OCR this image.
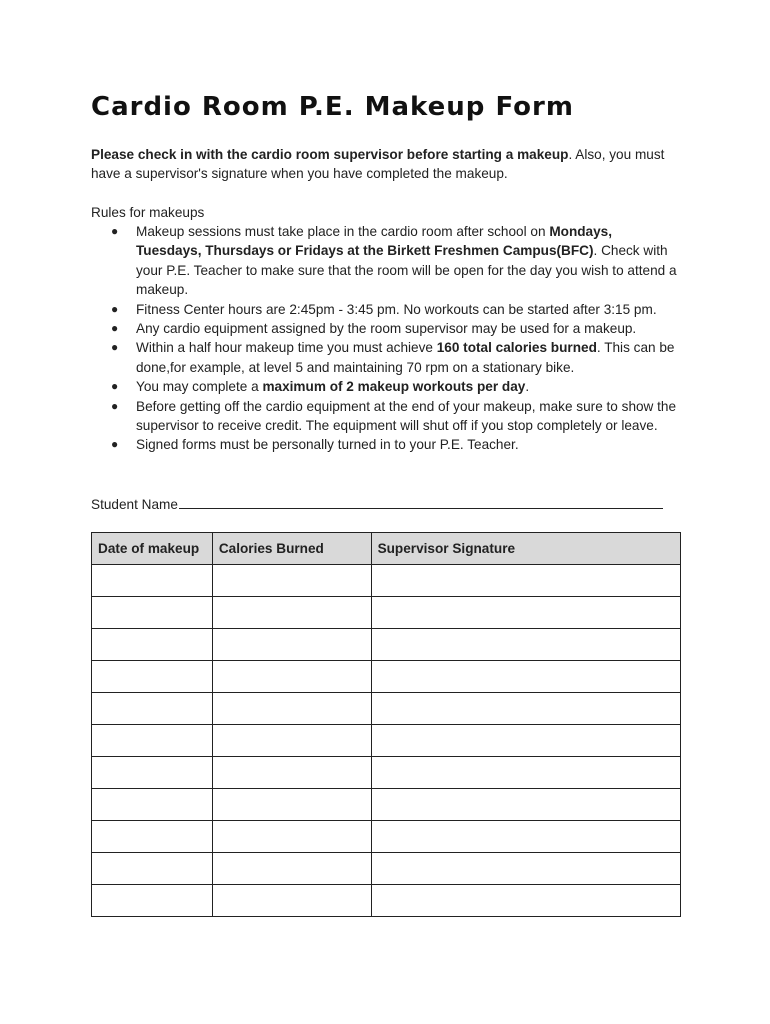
Cardio Room P.E. Makeup Form
Please check in with the cardio room supervisor before starting a makeup. Also, you must have a supervisor's signature when you have completed the makeup.
Rules for makeups
● Makeup sessions must take place in the cardio room after school on Mondays, Tuesdays, Thursdays or Fridays at the Birkett Freshmen Campus(BFC). Check with your P.E. Teacher to make sure that the room will be open for the day you wish to attend a makeup.
● Fitness Center hours are 2:45pm - 3:45 pm. No workouts can be started after 3:15 pm.
● Any cardio equipment assigned by the room supervisor may be used for a makeup.
● Within a half hour makeup time you must achieve 160 total calories burned. This can be done,for example, at level 5 and maintaining 70 rpm on a stationary bike.
● You may complete a maximum of 2 makeup workouts per day.
● Before getting off the cardio equipment at the end of your makeup, make sure to show the supervisor to receive credit. The equipment will shut off if you stop completely or leave.
● Signed forms must be personally turned in to your P.E. Teacher.
Student Name
Date of makeup	Calories Burned	Supervisor Signature
